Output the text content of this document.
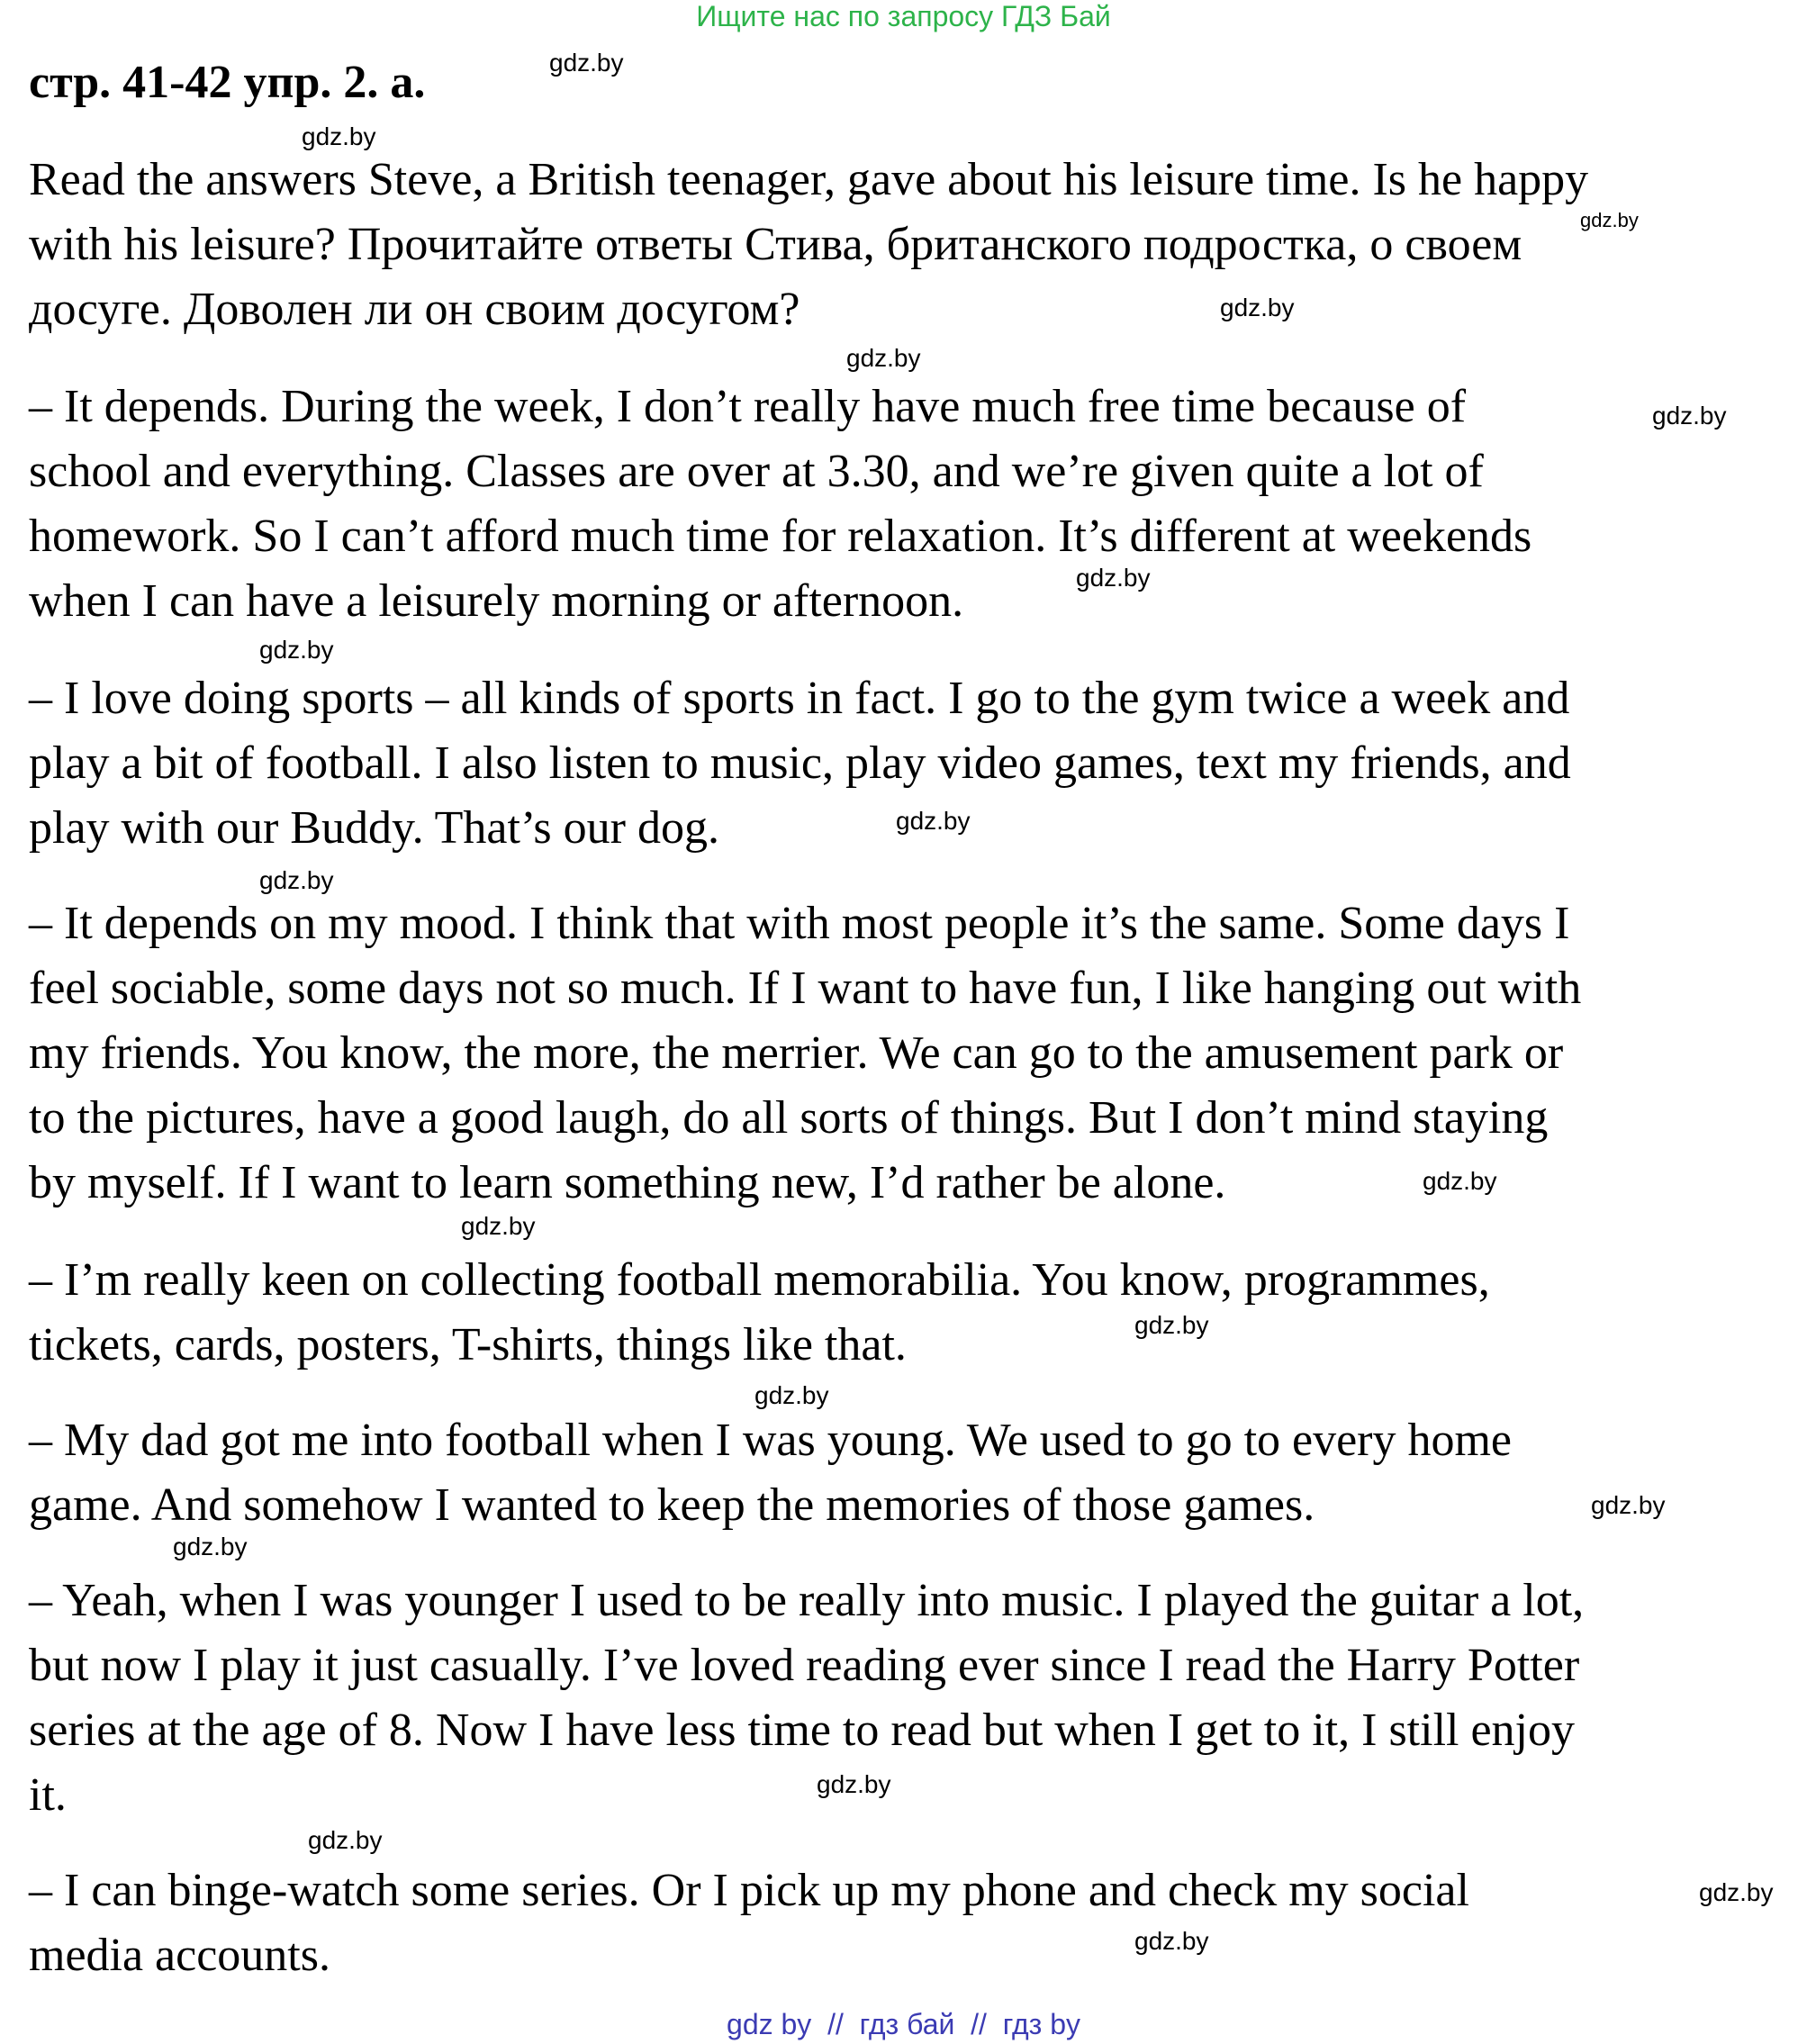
Ищите нас по запросу ГДЗ Бай
стр. 41-42 упр. 2. а.
Read the answers Steve, a British teenager, gave about his leisure time. Is he happy
with his leisure? Прочитайте ответы Стива, британского подростка, о своем
досуге. Доволен ли он своим досугом?
– It depends. During the week, I don’t really have much free time because of
school and everything. Classes are over at 3.30, and we’re given quite a lot of
homework. So I can’t afford much time for relaxation. It’s different at weekends
when I can have a leisurely morning or afternoon.
– I love doing sports – all kinds of sports in fact. I go to the gym twice a week and
play a bit of football. I also listen to music, play video games, text my friends, and
play with our Buddy. That’s our dog.
– It depends on my mood. I think that with most people it’s the same. Some days I
feel sociable, some days not so much. If I want to have fun, I like hanging out with
my friends. You know, the more, the merrier. We can go to the amusement park or
to the pictures, have a good laugh, do all sorts of things. But I don’t mind staying
by myself. If I want to learn something new, I’d rather be alone.
– I’m really keen on collecting football memorabilia. You know, programmes,
tickets, cards, posters, T-shirts, things like that.
– My dad got me into football when I was young. We used to go to every home
game. And somehow I wanted to keep the memories of those games.
– Yeah, when I was younger I used to be really into music. I played the guitar a lot,
but now I play it just casually. I’ve loved reading ever since I read the Harry Potter
series at the age of 8. Now I have less time to read but when I get to it, I still enjoy
it.
– I can binge-watch some series. Or I pick up my phone and check my social
media accounts.
gdz.by
gdz.by
gdz.by
gdz.by
gdz.by
gdz.by
gdz.by
gdz.by
gdz.by
gdz.by
gdz.by
gdz.by
gdz.by
gdz.by
gdz.by
gdz.by
gdz.by
gdz.by
gdz.by
gdz.by
gdz by  //  гдз бай  //  гдз by
